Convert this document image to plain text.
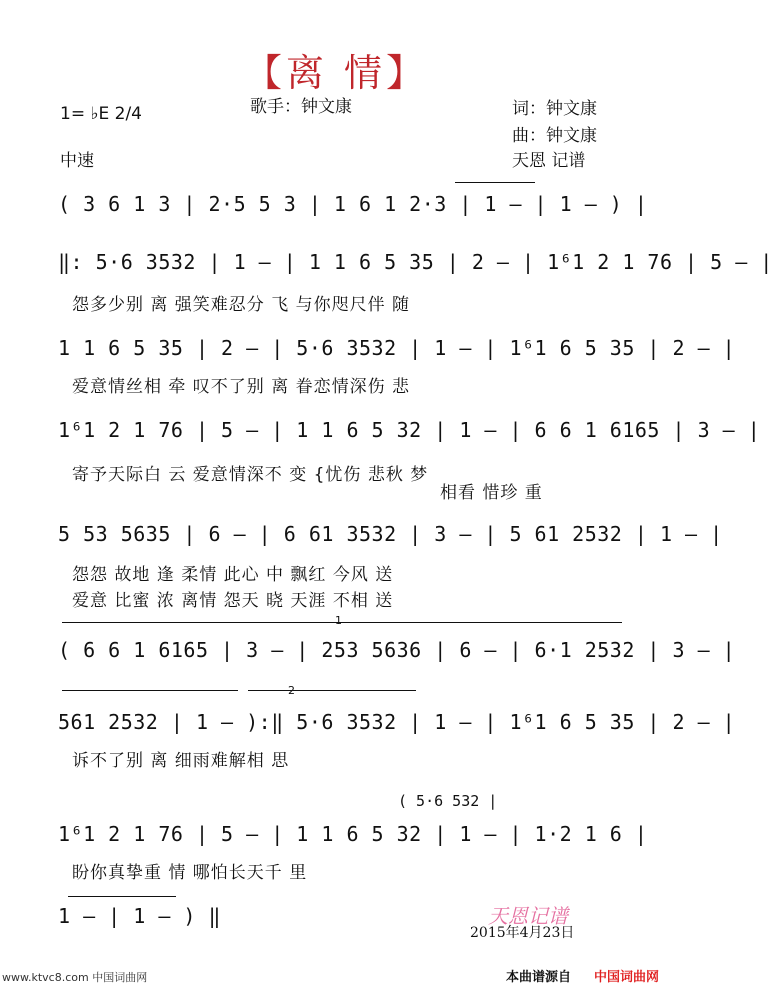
【离 情】
1= ♭E 2/4	歌手：钟文康	词：钟文康
曲：钟文康
天恩 记谱
中速
( 3 6 1 3 | 2·5 5 3 | 1 6 1 2·3 | 1 – | 1 – ) |
‖: 5·6 3532 | 1 – | 1 1 6 5 35 | 2 – | 1⁶1 2 1 76 | 5 – |
怨多少别 离 强笑难忍分 飞 与你咫尺伴 随
1 1 6 5 35 | 2 – | 5·6 3532 | 1 – | 1⁶1 6 5 35 | 2 – |
爱意情丝相 牵 叹不了别 离 眷恋情深伤 悲
1⁶1 2 1 76 | 5 – | 1 1 6 5 32 | 1 – | 6 6 1 6165 | 3 – |
寄予天际白 云 爱意情深不 变 {忧伤 悲秋 梦
相看 惜珍 重
5 53 5635 | 6 – | 6 61 3532 | 3 – | 5 61 2532 | 1 – |
怨怨 故地 逢 柔情 此心 中 飘红 今风 送
爱意 比蜜 浓 离情 怨天 晓 天涯 不相 送
1
( 6 6 1 6165 | 3 – | 253 5636 | 6 – | 6·1 2532 | 3 – |
2
561 2532 | 1 – ):‖ 5·6 3532 | 1 – | 1⁶1 6 5 35 | 2 – |
诉不了别 离 细雨难解相 思
( 5·6 532 |
1⁶1 2 1 76 | 5 – | 1 1 6 5 32 | 1 – | 1·2 1 6 |
盼你真挚重 情 哪怕长天千 里
1 – | 1 – ) ‖	天恩记谱
2015年4月23日
www.ktvc8.com 中国词曲网	本曲谱源自 中国词曲网
